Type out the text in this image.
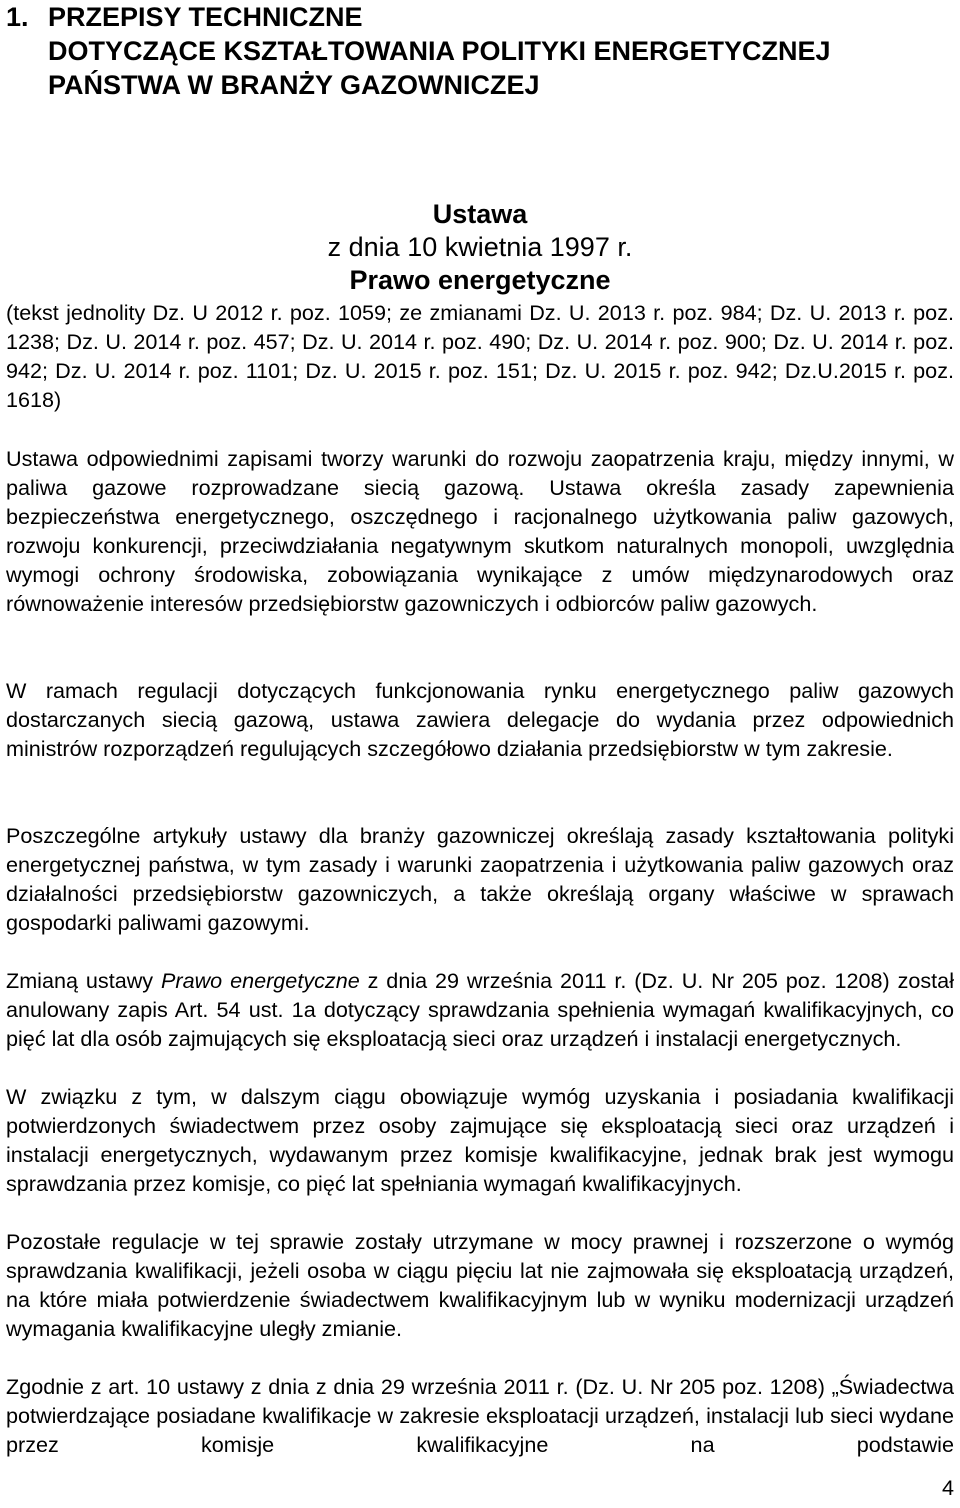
1. PRZEPISY TECHNICZNE
DOTYCZĄCE KSZTAŁTOWANIA POLITYKI ENERGETYCZNEJ
PAŃSTWA W BRANŻY GAZOWNICZEJ
Ustawa
z dnia 10 kwietnia 1997 r.
Prawo energetyczne
(tekst jednolity Dz. U 2012 r. poz. 1059; ze zmianami Dz. U. 2013 r. poz. 984; Dz. U. 2013 r. poz. 1238; Dz. U. 2014 r. poz. 457; Dz. U. 2014 r. poz. 490; Dz. U. 2014 r. poz. 900; Dz. U. 2014 r. poz. 942; Dz. U. 2014 r. poz. 1101; Dz. U. 2015 r. poz. 151; Dz. U. 2015 r. poz. 942; Dz.U.2015 r. poz. 1618)
Ustawa odpowiednimi zapisami tworzy warunki do rozwoju zaopatrzenia kraju, między innymi, w paliwa gazowe rozprowadzane siecią gazową. Ustawa określa zasady zapewnienia bezpieczeństwa energetycznego, oszczędnego i racjonalnego użytkowania paliw gazowych, rozwoju konkurencji, przeciwdziałania negatywnym skutkom naturalnych monopoli, uwzględnia wymogi ochrony środowiska, zobowiązania wynikające z umów międzynarodowych oraz równoważenie interesów przedsiębiorstw gazowniczych i odbiorców paliw gazowych.
W ramach regulacji dotyczących funkcjonowania rynku energetycznego paliw gazowych dostarczanych siecią gazową, ustawa zawiera delegacje do wydania przez odpowiednich ministrów rozporządzeń regulujących szczegółowo działania przedsiębiorstw w tym zakresie.
Poszczególne artykuły ustawy dla branży gazowniczej określają zasady kształtowania polityki energetycznej państwa, w tym zasady i warunki zaopatrzenia i użytkowania paliw gazowych oraz działalności przedsiębiorstw gazowniczych, a także określają organy właściwe w sprawach gospodarki paliwami gazowymi.
Zmianą ustawy Prawo energetyczne z dnia 29 września 2011 r. (Dz. U. Nr 205 poz. 1208) został anulowany zapis Art. 54 ust. 1a dotyczący sprawdzania spełnienia wymagań kwalifikacyjnych, co pięć lat dla osób zajmujących się eksploatacją sieci oraz urządzeń i instalacji energetycznych.
W związku z tym, w dalszym ciągu obowiązuje wymóg uzyskania i posiadania kwalifikacji potwierdzonych świadectwem przez osoby zajmujące się eksploatacją sieci oraz urządzeń i instalacji energetycznych, wydawanym przez komisje kwalifikacyjne, jednak brak jest wymogu sprawdzania przez komisje, co pięć lat spełniania wymagań kwalifikacyjnych.
Pozostałe regulacje w tej sprawie zostały utrzymane w mocy prawnej i rozszerzone o wymóg sprawdzania kwalifikacji, jeżeli osoba w ciągu pięciu lat nie zajmowała się eksploatacją urządzeń, na które miała potwierdzenie świadectwem kwalifikacyjnym lub w wyniku modernizacji urządzeń wymagania kwalifikacyjne uległy zmianie.
Zgodnie z art. 10 ustawy z dnia z dnia 29 września 2011 r. (Dz. U. Nr 205 poz. 1208) „Świadectwa potwierdzające posiadane kwalifikacje w zakresie eksploatacji urządzeń, instalacji lub sieci wydane przez komisje kwalifikacyjne na podstawie
4
